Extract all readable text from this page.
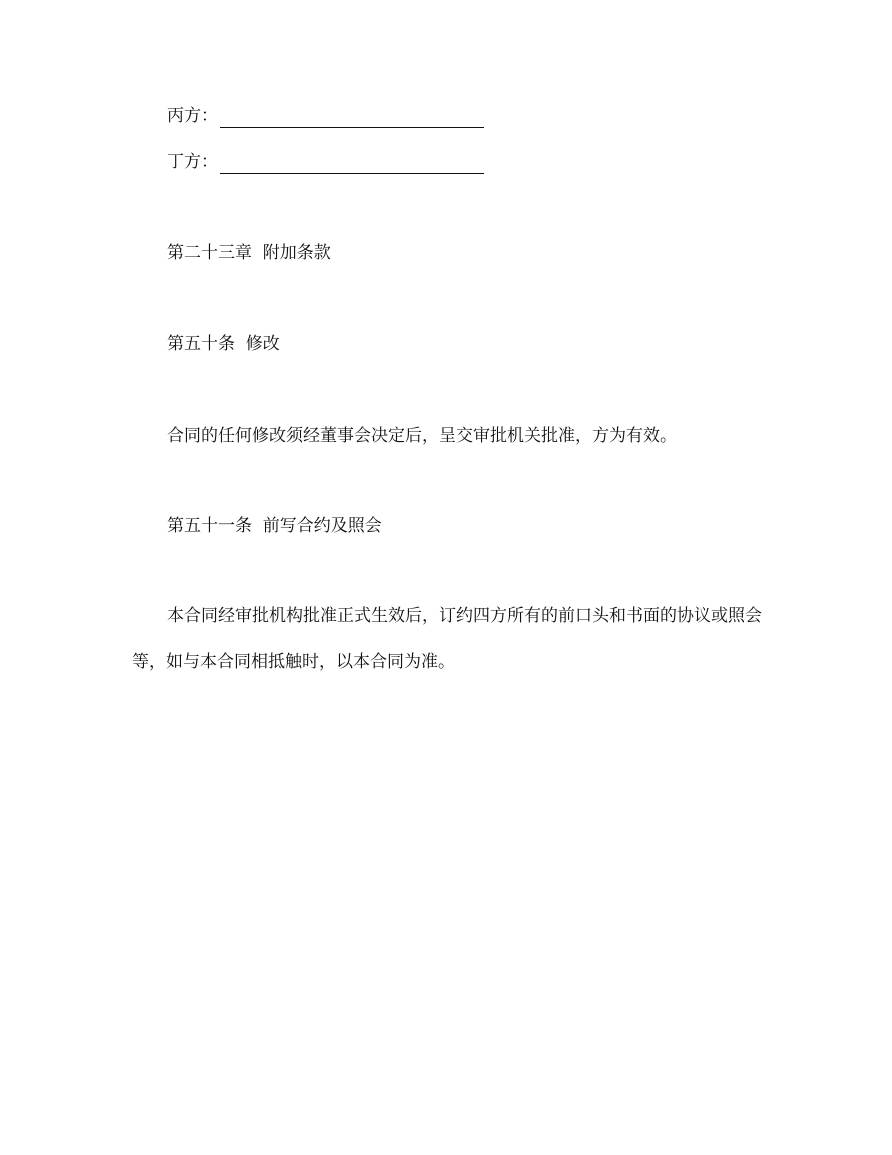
丙方：
丁方：
第二十三章  附加条款
第五十条  修改
合同的任何修改须经董事会决定后，呈交审批机关批准，方为有效。
第五十一条  前写合约及照会
本合同经审批机构批准正式生效后，订约四方所有的前口头和书面的协议或照会等，如与本合同相抵触时，以本合同为准。
